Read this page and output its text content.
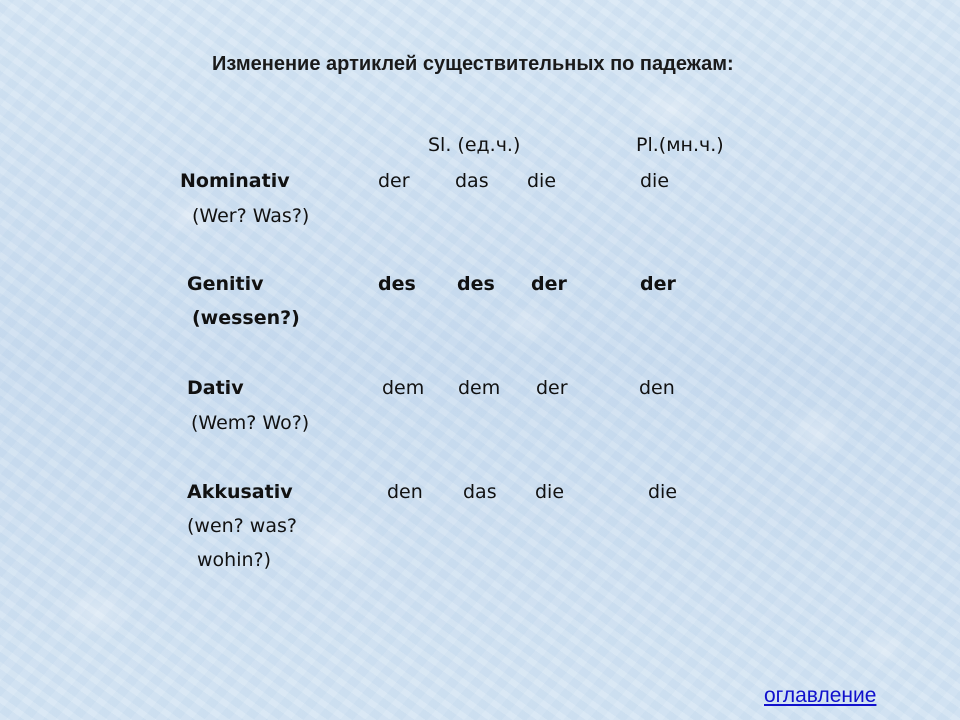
Изменение артиклей существительных по падежам:
Sl. (ед.ч.)	Pl.(мн.ч.)
Nominativ	der das die	die
(Wer? Was?)
Genitiv	des des der	der
(wessen?)
Dativ	dem dem der	den
(Wem? Wo?)
Akkusativ	den das die	die
(wen? was?
wohin?)
оглавление
